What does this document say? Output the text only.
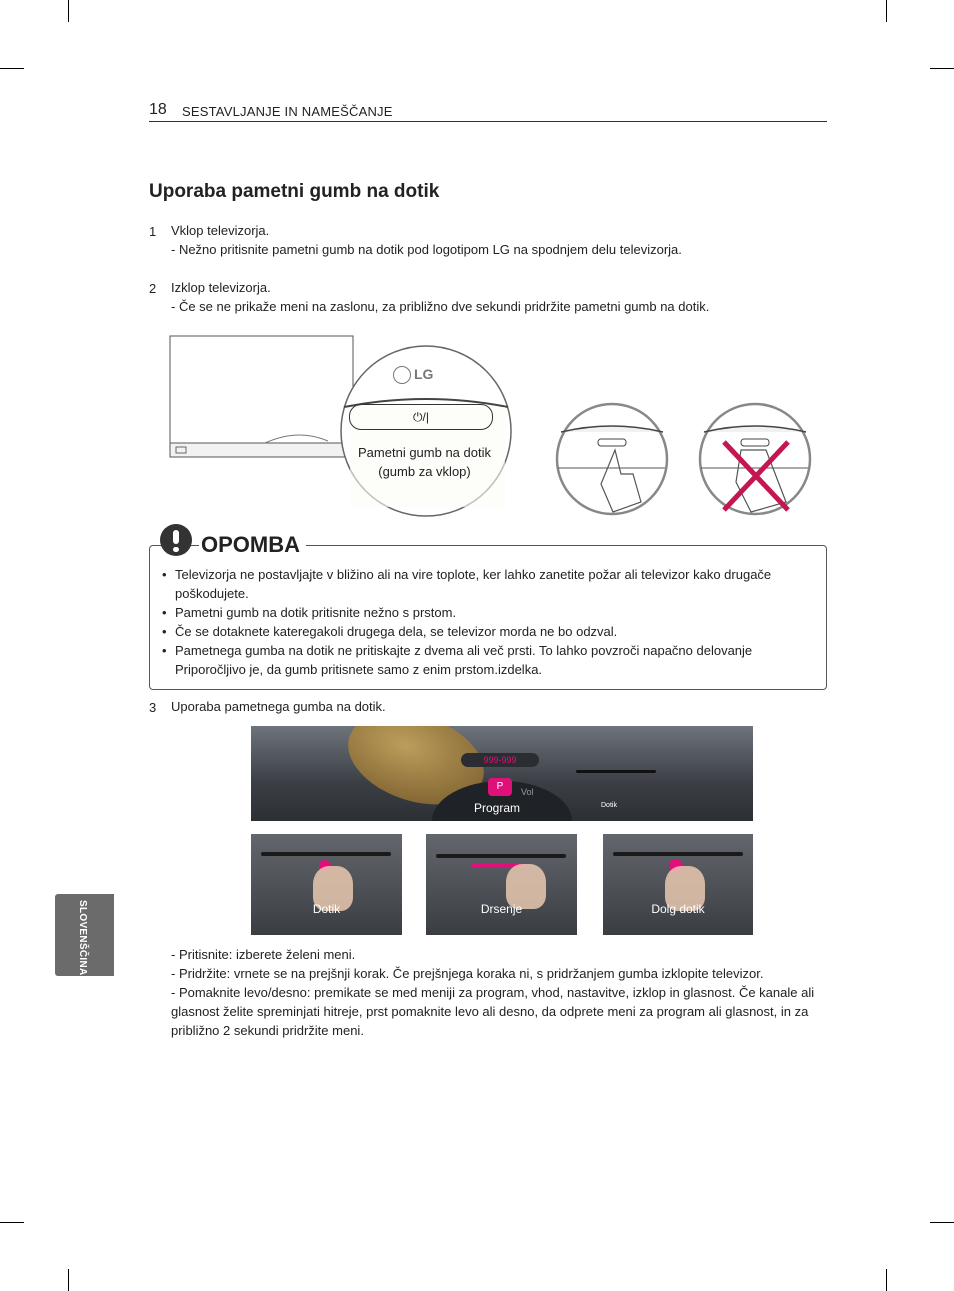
18 SESTAVLJANJE IN NAMEŠČANJE
Uporaba pametni gumb na dotik
1 Vklop televizorja.
- Nežno pritisnite pametni gumb na dotik pod logotipom LG na spodnjem delu televizorja.
2 Izklop televizorja.
- Če se ne prikaže meni na zaslonu, za približno dve sekundi pridržite pametni gumb na dotik.
LG
⏻/|
Pametni gumb na dotik
(gumb za vklop)
OPOMBA
• Televizorja ne postavljajte v bližino ali na vire toplote, ker lahko zanetite požar ali televizor kako drugače poškodujete.
• Pametni gumb na dotik pritisnite nežno s prstom.
• Če se dotaknete kateregakoli drugega dela, se televizor morda ne bo odzval.
• Pametnega gumba na dotik ne pritiskajte z dvema ali več prsti. To lahko povzroči napačno delovanje Priporočljivo je, da gumb pritisnete samo z enim prstom.izdelka.
3 Uporaba pametnega gumba na dotik.
999-999
P	Vol
Program	Dotik
Dotik	Drsenje	Dolg dotik
- Pritisnite: izberete želeni meni.
- Pridržite: vrnete se na prejšnji korak. Če prejšnjega koraka ni, s pridržanjem gumba izklopite televizor.
- Pomaknite levo/desno: premikate se med meniji za program, vhod, nastavitve, izklop in glasnost. Če kanale ali glasnost želite spreminjati hitreje, prst pomaknite levo ali desno, da odprete meni za program ali glasnost, in za približno 2 sekundi pridržite meni.
SLOVENŠČINA
